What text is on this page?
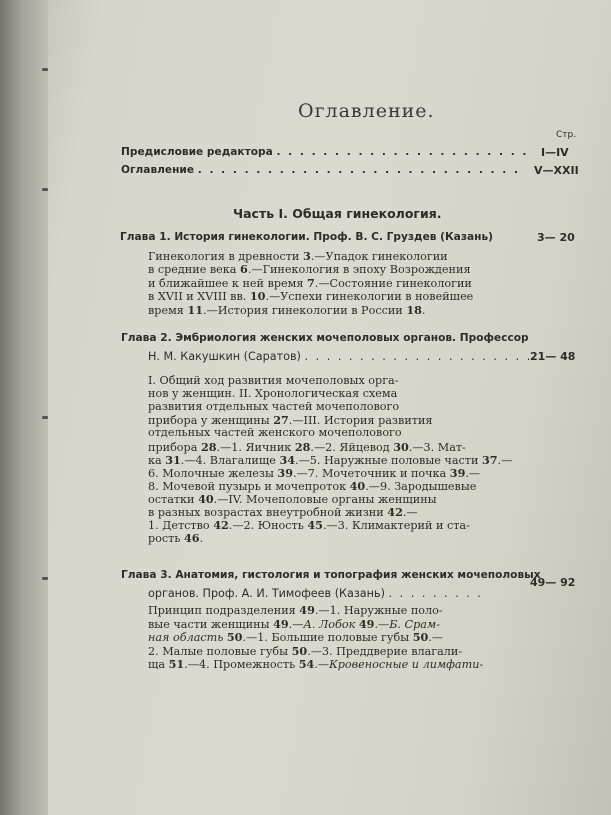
Оглавление.
Стр.
Предисловие редактора . . . . . . . . . . . . . . . . . . . . . . I—IV
Оглавление . . . . . . . . . . . . . . . . . . . . . . . . . . . . V—XXII
Часть I. Общая гинекология.
Глава 1. История гинекологии. Проф. В. С. Груздев (Казань)	3— 20
Гинекология в древности 3.—Упадок гинекологии
в средние века 6.—Гинекология в эпоху Возрождения
и ближайшее к ней время 7.—Состояние гинекологии
в XVII и XVIII вв. 10.—Успехи гинекологии в новейшее
время 11.—История гинекологии в России 18.
Глава 2. Эмбриология женских мочеполовых органов. Профессор
Н. М. Какушкин (Саратов) . . . . . . . . . . . . . . . . . . . . .
21— 48
I. Общий ход развития мочеполовых орга-
нов у женщин. II. Хронологическая схема
развития отдельных частей мочеполового
прибора у женщины 27.—III. История развития
отдельных частей женского мочеполового
прибора 28.—1. Яичник 28.—2. Яйцевод 30.—3. Мат-
ка 31.—4. Влагалище 34.—5. Наружные половые части 37.—
6. Молочные железы 39.—7. Мочеточник и почка 39.—
8. Мочевой пузырь и мочепроток 40.—9. Зародышевые
остатки 40.—IV. Мочеполовые органы женщины
в разных возрастах внеутробной жизни 42.—
1. Детство 42.—2. Юность 45.—3. Климактерий и ста-
рость 46.
Глава 3. Анатомия, гистология и топография женских мочеполовых
органов. Проф. А. И. Тимофеев (Казань) . . . . . . . . .
49— 92
Принцип подразделения 49.—1. Наружные поло-
вые части женщины 49.—А. Лобок 49.—Б. Срам-
ная область 50.—1. Большие половые губы 50.—
2. Малые половые губы 50.—3. Преддверие влагали-
ща 51.—4. Промежность 54.—Кровеносные и лимфати-
